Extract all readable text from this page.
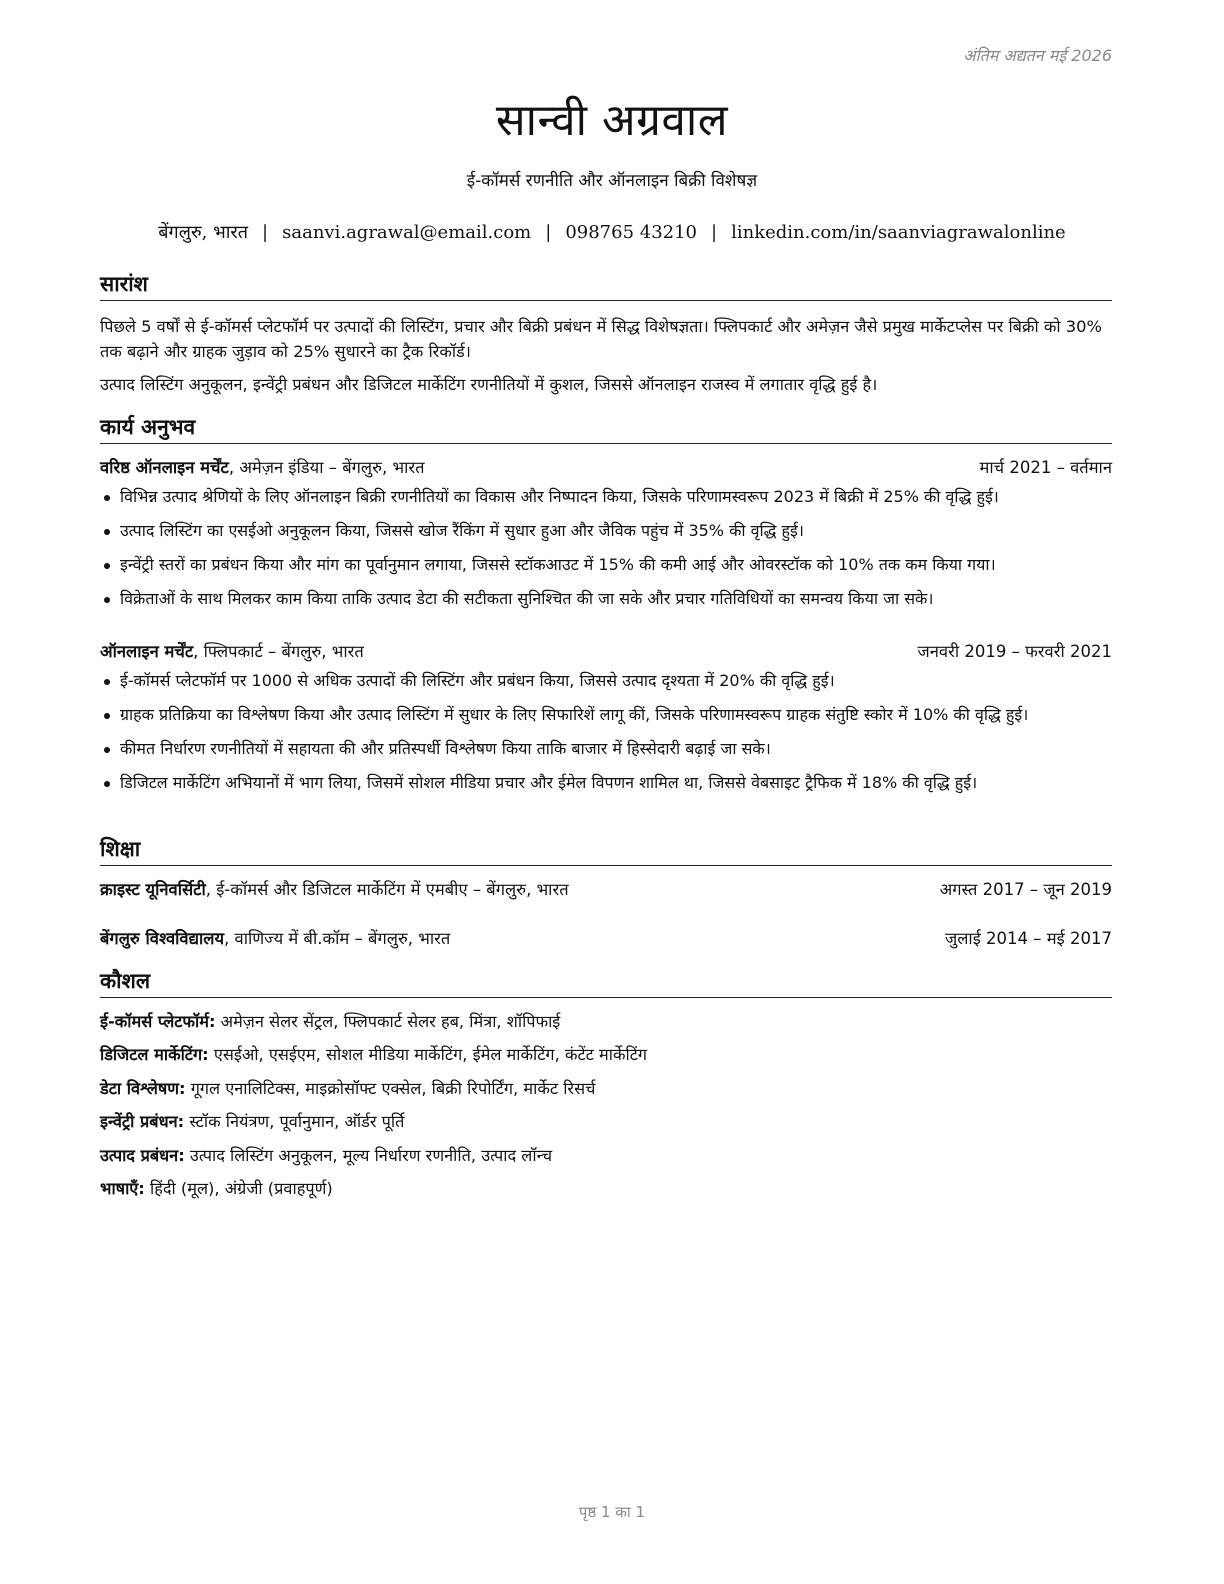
अंतिम अद्यतन मई 2026
सान्वी अग्रवाल
ई-कॉमर्स रणनीति और ऑनलाइन बिक्री विशेषज्ञ
बेंगलुरु, भारत | saanvi.agrawal@email.com | 098765 43210 | linkedin.com/in/saanviagrawalonline
सारांश
पिछले 5 वर्षों से ई-कॉमर्स प्लेटफॉर्म पर उत्पादों की लिस्टिंग, प्रचार और बिक्री प्रबंधन में सिद्ध विशेषज्ञता। फ्लिपकार्ट और अमेज़न जैसे प्रमुख मार्केटप्लेस पर बिक्री को 30% तक बढ़ाने और ग्राहक जुड़ाव को 25% सुधारने का ट्रैक रिकॉर्ड।
उत्पाद लिस्टिंग अनुकूलन, इन्वेंट्री प्रबंधन और डिजिटल मार्केटिंग रणनीतियों में कुशल, जिससे ऑनलाइन राजस्व में लगातार वृद्धि हुई है।
कार्य अनुभव
वरिष्ठ ऑनलाइन मर्चेंट, अमेज़न इंडिया – बेंगलुरु, भारत	मार्च 2021 – वर्तमान
विभिन्न उत्पाद श्रेणियों के लिए ऑनलाइन बिक्री रणनीतियों का विकास और निष्पादन किया, जिसके परिणामस्वरूप 2023 में बिक्री में 25% की वृद्धि हुई।
उत्पाद लिस्टिंग का एसईओ अनुकूलन किया, जिससे खोज रैंकिंग में सुधार हुआ और जैविक पहुंच में 35% की वृद्धि हुई।
इन्वेंट्री स्तरों का प्रबंधन किया और मांग का पूर्वानुमान लगाया, जिससे स्टॉकआउट में 15% की कमी आई और ओवरस्टॉक को 10% तक कम किया गया।
विक्रेताओं के साथ मिलकर काम किया ताकि उत्पाद डेटा की सटीकता सुनिश्चित की जा सके और प्रचार गतिविधियों का समन्वय किया जा सके।
ऑनलाइन मर्चेंट, फ्लिपकार्ट – बेंगलुरु, भारत	जनवरी 2019 – फरवरी 2021
ई-कॉमर्स प्लेटफॉर्म पर 1000 से अधिक उत्पादों की लिस्टिंग और प्रबंधन किया, जिससे उत्पाद दृश्यता में 20% की वृद्धि हुई।
ग्राहक प्रतिक्रिया का विश्लेषण किया और उत्पाद लिस्टिंग में सुधार के लिए सिफारिशें लागू कीं, जिसके परिणामस्वरूप ग्राहक संतुष्टि स्कोर में 10% की वृद्धि हुई।
कीमत निर्धारण रणनीतियों में सहायता की और प्रतिस्पर्धी विश्लेषण किया ताकि बाजार में हिस्सेदारी बढ़ाई जा सके।
डिजिटल मार्केटिंग अभियानों में भाग लिया, जिसमें सोशल मीडिया प्रचार और ईमेल विपणन शामिल था, जिससे वेबसाइट ट्रैफिक में 18% की वृद्धि हुई।
शिक्षा
क्राइस्ट यूनिवर्सिटी, ई-कॉमर्स और डिजिटल मार्केटिंग में एमबीए – बेंगलुरु, भारत	अगस्त 2017 – जून 2019
बेंगलुरु विश्वविद्यालय, वाणिज्य में बी.कॉम – बेंगलुरु, भारत	जुलाई 2014 – मई 2017
कौशल
ई-कॉमर्स प्लेटफॉर्म: अमेज़न सेलर सेंट्रल, फ्लिपकार्ट सेलर हब, मिंत्रा, शॉपिफाई
डिजिटल मार्केटिंग: एसईओ, एसईएम, सोशल मीडिया मार्केटिंग, ईमेल मार्केटिंग, कंटेंट मार्केटिंग
डेटा विश्लेषण: गूगल एनालिटिक्स, माइक्रोसॉफ्ट एक्सेल, बिक्री रिपोर्टिंग, मार्केट रिसर्च
इन्वेंट्री प्रबंधन: स्टॉक नियंत्रण, पूर्वानुमान, ऑर्डर पूर्ति
उत्पाद प्रबंधन: उत्पाद लिस्टिंग अनुकूलन, मूल्य निर्धारण रणनीति, उत्पाद लॉन्च
भाषाएँ: हिंदी (मूल), अंग्रेजी (प्रवाहपूर्ण)
पृष्ठ 1 का 1
